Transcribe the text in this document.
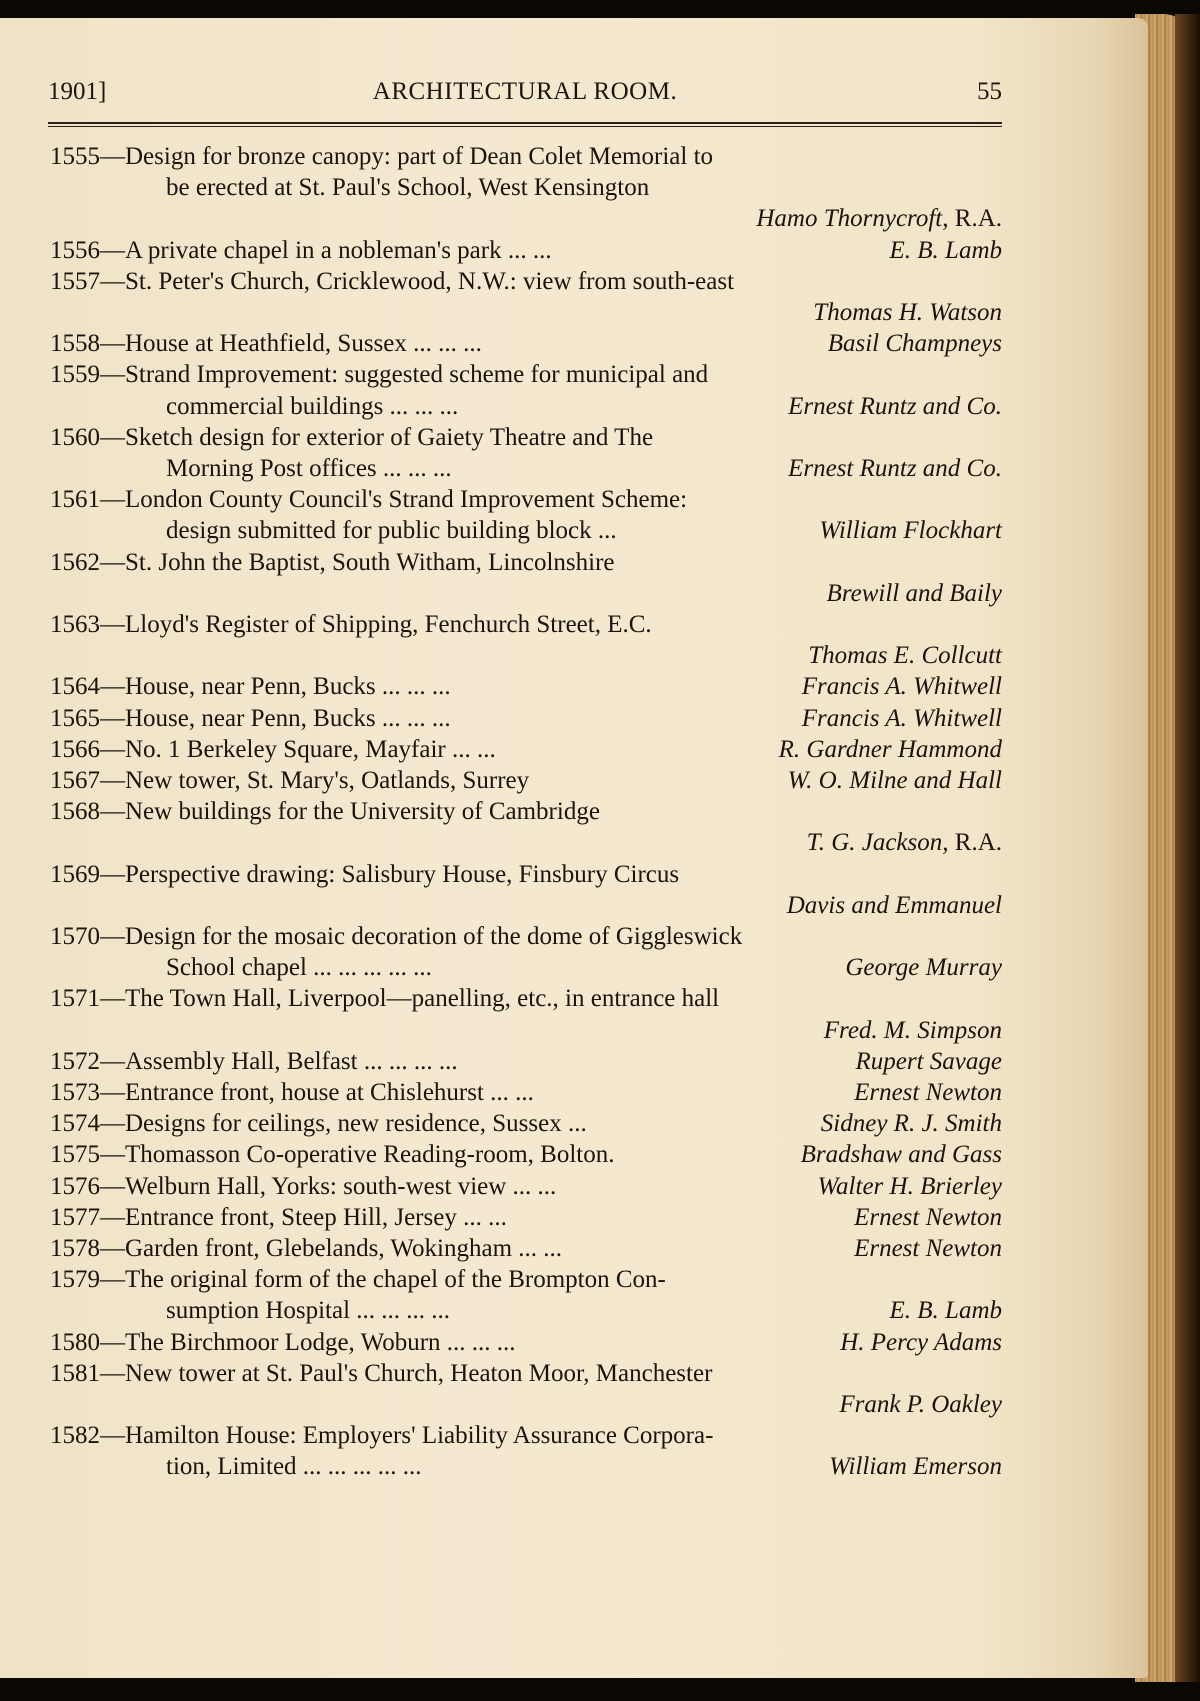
1901]	ARCHITECTURAL ROOM.	55
1555—Design for bronze canopy: part of Dean Colet Memorial to
be erected at St. Paul's School, West Kensington
Hamo Thornycroft, R.A.
1556—A private chapel in a nobleman's park ... ...	E. B. Lamb
1557—St. Peter's Church, Cricklewood, N.W.: view from south-east
Thomas H. Watson
1558—House at Heathfield, Sussex ... ... ...	Basil Champneys
1559—Strand Improvement: suggested scheme for municipal and
commercial buildings ... ... ...	Ernest Runtz and Co.
1560—Sketch design for exterior of Gaiety Theatre and The
Morning Post offices ... ... ...	Ernest Runtz and Co.
1561—London County Council's Strand Improvement Scheme:
design submitted for public building block ...	William Flockhart
1562—St. John the Baptist, South Witham, Lincolnshire
Brewill and Baily
1563—Lloyd's Register of Shipping, Fenchurch Street, E.C.
Thomas E. Collcutt
1564—House, near Penn, Bucks ... ... ...	Francis A. Whitwell
1565—House, near Penn, Bucks ... ... ...	Francis A. Whitwell
1566—No. 1 Berkeley Square, Mayfair ... ...	R. Gardner Hammond
1567—New tower, St. Mary's, Oatlands, Surrey	W. O. Milne and Hall
1568—New buildings for the University of Cambridge
T. G. Jackson, R.A.
1569—Perspective drawing: Salisbury House, Finsbury Circus
Davis and Emmanuel
1570—Design for the mosaic decoration of the dome of Giggleswick
School chapel ... ... ... ... ...	George Murray
1571—The Town Hall, Liverpool—panelling, etc., in entrance hall
Fred. M. Simpson
1572—Assembly Hall, Belfast ... ... ... ...	Rupert Savage
1573—Entrance front, house at Chislehurst ... ...	Ernest Newton
1574—Designs for ceilings, new residence, Sussex ...	Sidney R. J. Smith
1575—Thomasson Co-operative Reading-room, Bolton.	Bradshaw and Gass
1576—Welburn Hall, Yorks: south-west view ... ...	Walter H. Brierley
1577—Entrance front, Steep Hill, Jersey ... ...	Ernest Newton
1578—Garden front, Glebelands, Wokingham ... ...	Ernest Newton
1579—The original form of the chapel of the Brompton Con-
sumption Hospital ... ... ... ...	E. B. Lamb
1580—The Birchmoor Lodge, Woburn ... ... ...	H. Percy Adams
1581—New tower at St. Paul's Church, Heaton Moor, Manchester
Frank P. Oakley
1582—Hamilton House: Employers' Liability Assurance Corpora-
tion, Limited ... ... ... ... ...	William Emerson
